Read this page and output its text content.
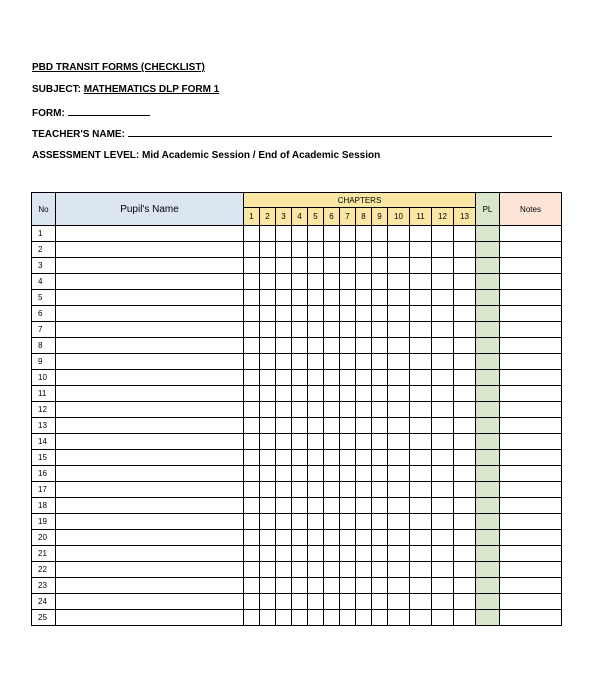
PBD TRANSIT FORMS (CHECKLIST)
SUBJECT: MATHEMATICS DLP FORM 1
FORM:
TEACHER'S NAME:
ASSESSMENT LEVEL: Mid Academic Session / End of Academic Session
No	Pupil's Name	CHAPTERS													PL	Notes
		1	2	3	4	5	6	7	8	9	10	11	12	13		
1																
2																
3																
4																
5																
6																
7																
8																
9																
10																
11																
12																
13																
14																
15																
16																
17																
18																
19																
20																
21																
22																
23																
24																
25																
